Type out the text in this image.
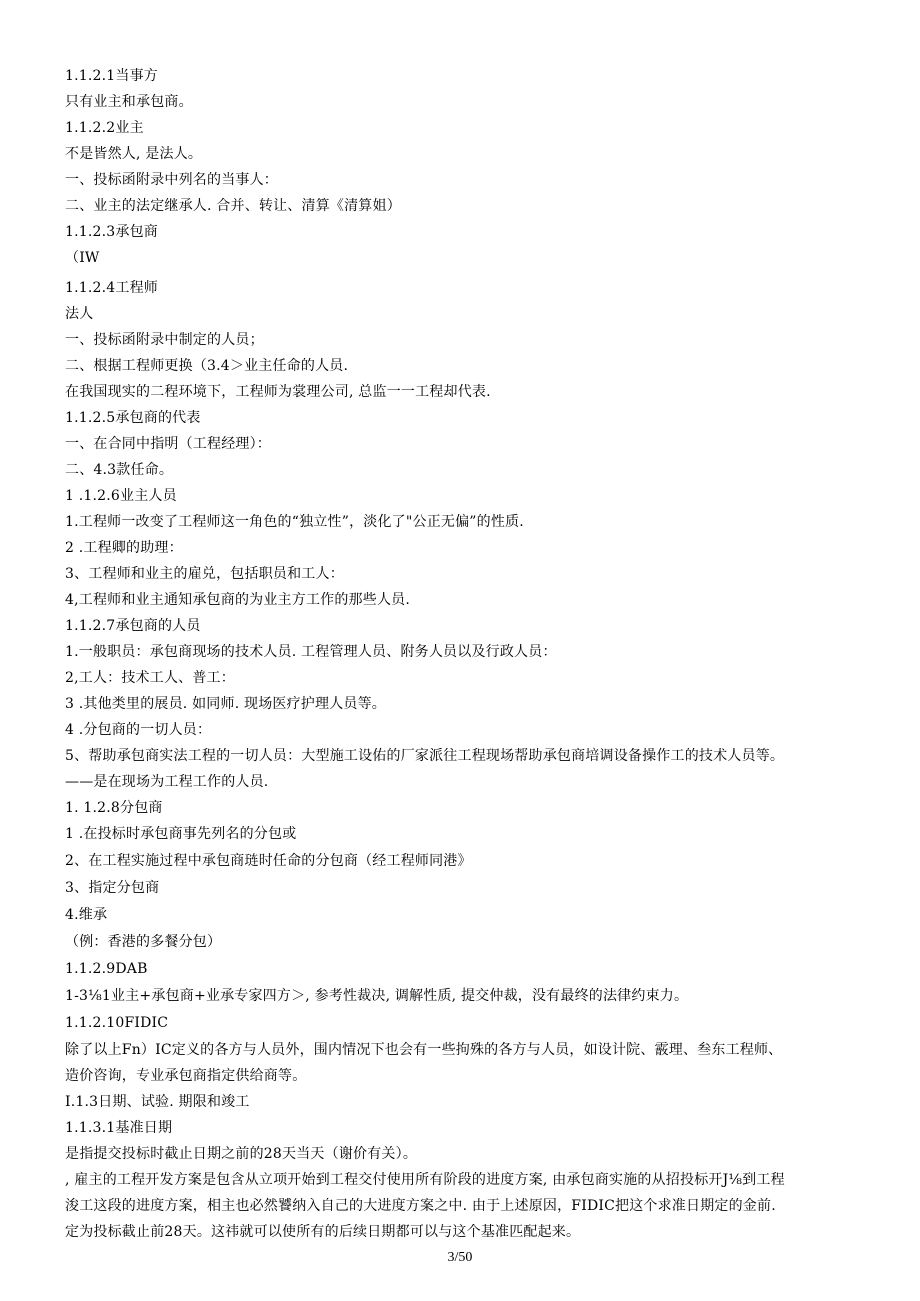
1.1.2.1当事方
只有业主和承包商。
1.1.2.2业主
不是皆然人, 是法人。
一、投标函附录中列名的当事人：
二、业主的法定继承人. 合并、转让、清算《清算姐）
1.1.2.3承包商
（IW
1.1.2.4工程师
法人
一、投标函附录中制定的人员；
二、根据工程师更换（3.4＞业主任命的人员.
在我国现实的二程环境下，工程师为裳理公司, 总监一一工程却代表.
1.1.2.5承包商的代表
一、在合同中指明（工程经理）：
二、4.3款任命。
1 .1.2.6业主人员
1.工程师一改变了工程师这一角色的“独立性”，淡化了"公正无偏”的性质.
2 .工程卿的助理：
3、工程师和业主的雇兑，包括职员和工人：
4,工程师和业主通知承包商的为业主方工作的那些人员.
1.1.2.7承包商的人员
1.一般职员：承包商现场的技术人员. 工程管理人员、附务人员以及行政人员：
2,工人：技术工人、普工：
3 .其他类里的展员. 如同师. 现场医疗护理人员等。
4 .分包商的一切人员：
5、帮助承包商实法工程的一切人员：大型施工设佑的厂家派往工程现场帮助承包商培调设备操作工的技术人员等。
——是在现场为工程工作的人员.
1. 1.2.8分包商
1 .在投标时承包商事先列名的分包或
2、在工程实施过程中承包商琏时任命的分包商（经工程师同港》
3、指定分包商
4.维承
（例：香港的多餐分包）
1.1.2.9DAB
1-3⅛1业主+承包商+业承专家四方＞, 参考性裁决, 调解性质, 提交仲裁，没有最终的法律约束力。
1.1.2.10FIDIC
除了以上Fn）IC定义的各方与人员外，围内情况下也会有一些拘殊的各方与人员，如设计院、霰理、叁东工程师、
造价咨询，专业承包商指定供给商等。
I.1.3日期、试验. 期限和竣工
1.1.3.1基准日期
是指提交投标时截止日期之前的28天当天（谢价有关）。
, 雇主的工程开发方案是包含从立项开始到工程交付使用所有阶段的进度方案, 由承包商实施的从招投标开J⅛到工程
浚工这段的进度方案，相主也必然饕纳入自己的大进度方案之中. 由于上述原因，FIDIC把这个求准日期定的金前.
定为投标截止前28天。这祎就可以使所有的后续日期都可以与这个基准匹配起来。
3/50
